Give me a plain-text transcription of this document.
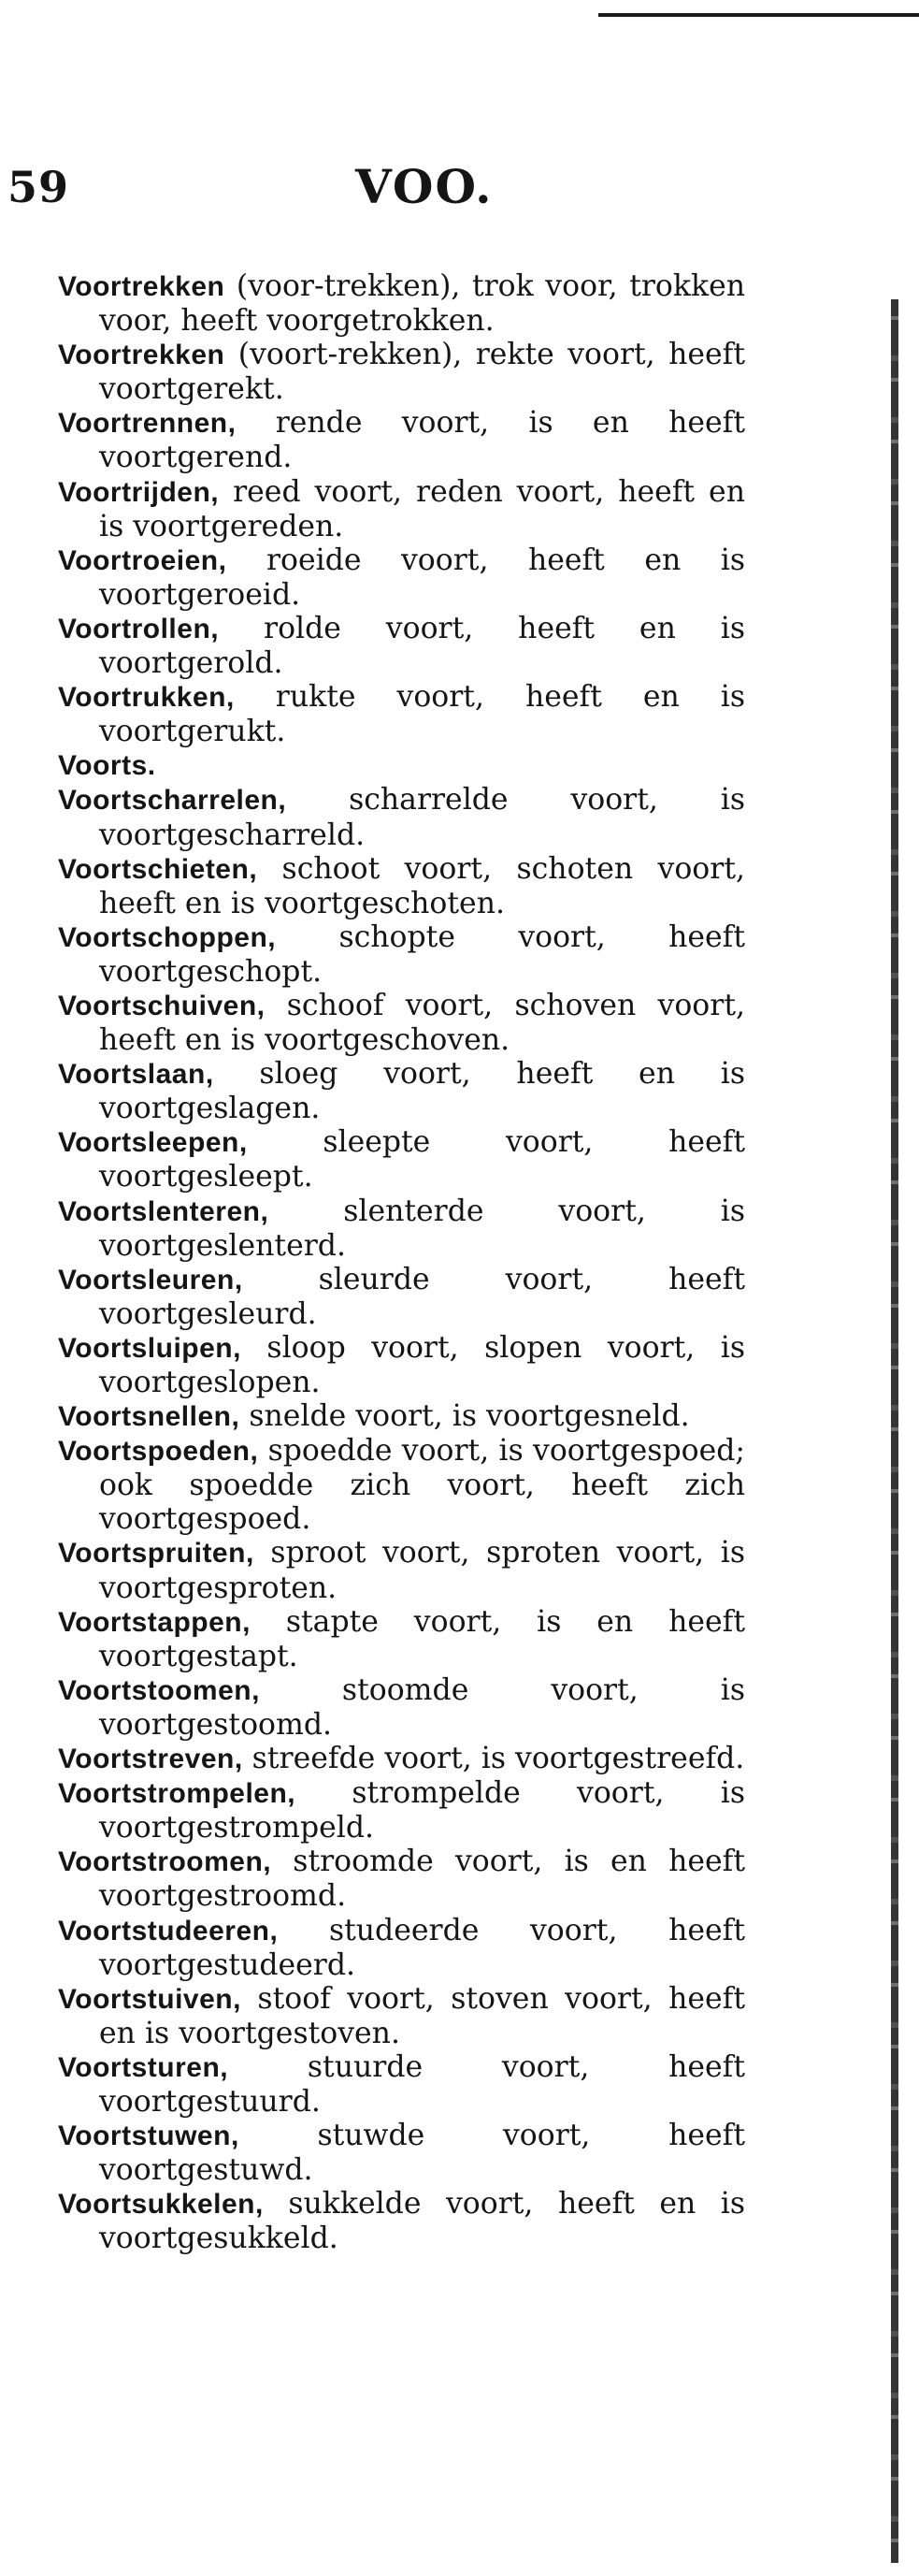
59	VOO.
Voortrekken (voor-trekken), trok voor, trokken voor, heeft voorgetrokken.
Voortrekken (voort-rekken), rekte voort, heeft voortgerekt.
Voortrennen, rende voort, is en heeft voortgerend.
Voortrijden, reed voort, reden voort, heeft en is voortgereden.
Voortroeien, roeide voort, heeft en is voortgeroeid.
Voortrollen, rolde voort, heeft en is voortgerold.
Voortrukken, rukte voort, heeft en is voortgerukt.
Voorts.
Voortscharrelen, scharrelde voort, is voortgescharreld.
Voortschieten, schoot voort, schoten voort, heeft en is voortgeschoten.
Voortschoppen, schopte voort, heeft voortgeschopt.
Voortschuiven, schoof voort, schoven voort, heeft en is voortgeschoven.
Voortslaan, sloeg voort, heeft en is voortgeslagen.
Voortsleepen, sleepte voort, heeft voortgesleept.
Voortslenteren, slenterde voort, is voortgeslenterd.
Voortsleuren, sleurde voort, heeft voortgesleurd.
Voortsluipen, sloop voort, slopen voort, is voortgeslopen.
Voortsnellen, snelde voort, is voortgesneld.
Voortspoeden, spoedde voort, is voortgespoed; ook spoedde zich voort, heeft zich voortgespoed.
Voortspruiten, sproot voort, sproten voort, is voortgesproten.
Voortstappen, stapte voort, is en heeft voortgestapt.
Voortstoomen, stoomde voort, is voortgestoomd.
Voortstreven, streefde voort, is voortgestreefd.
Voortstrompelen, strompelde voort, is voortgestrompeld.
Voortstroomen, stroomde voort, is en heeft voortgestroomd.
Voortstudeeren, studeerde voort, heeft voortgestudeerd.
Voortstuiven, stoof voort, stoven voort, heeft en is voortgestoven.
Voortsturen, stuurde voort, heeft voortgestuurd.
Voortstuwen, stuwde voort, heeft voortgestuwd.
Voortsukkelen, sukkelde voort, heeft en is voortgesukkeld.
